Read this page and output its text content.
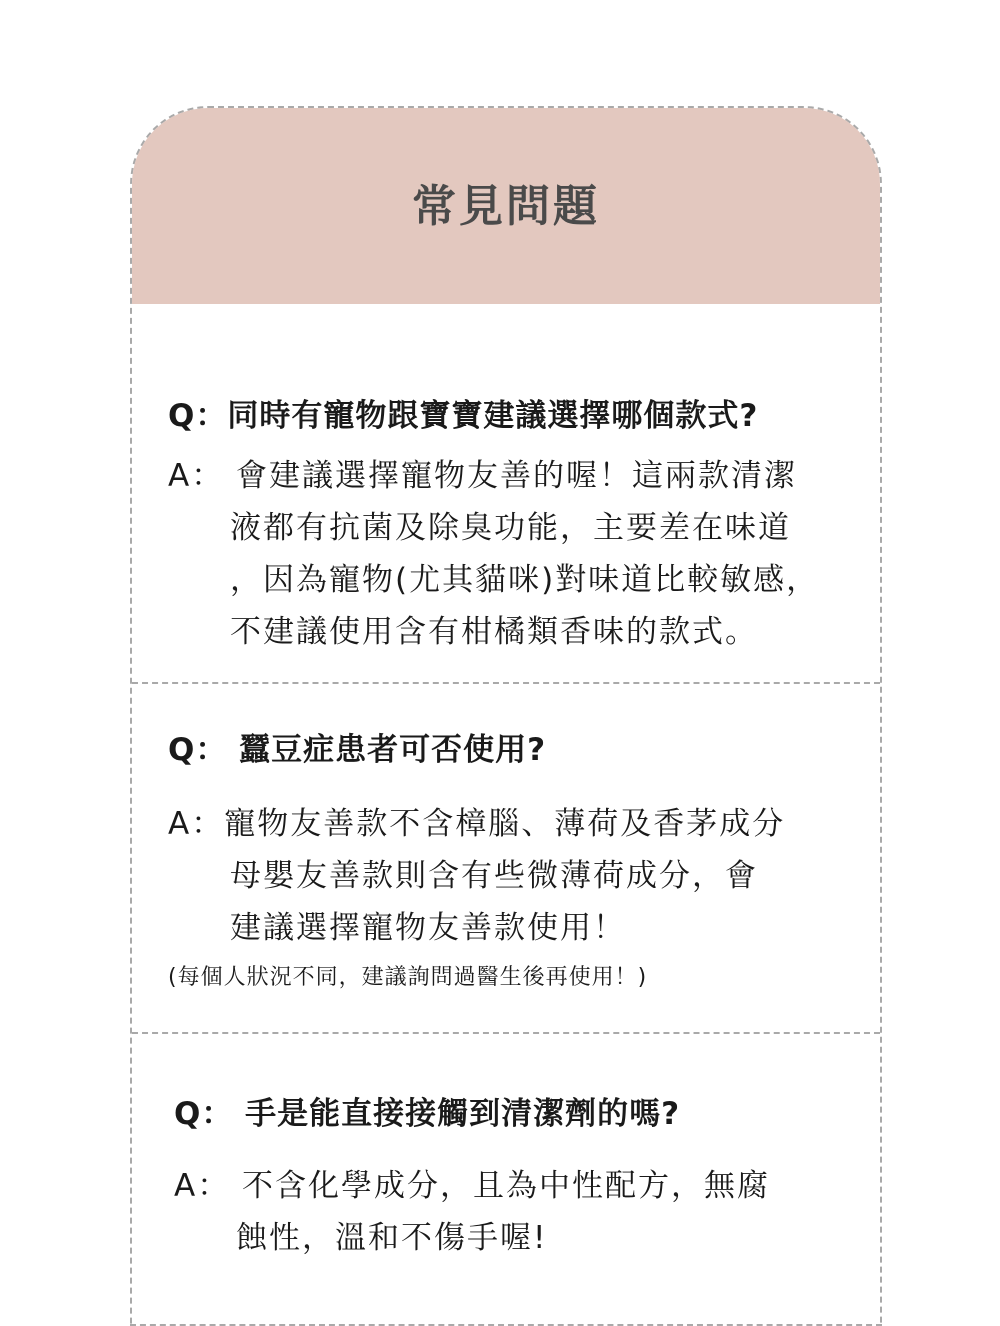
常見問題

Q：同時有寵物跟寶寶建議選擇哪個款式?

A： 會建議選擇寵物友善的喔！這兩款清潔

液都有抗菌及除臭功能，主要差在味道

，因為寵物(尤其貓咪)對味道比較敏感，

不建議使用含有柑橘類香味的款式。

Q： 蠶豆症患者可否使用?

A：寵物友善款不含樟腦、薄荷及香茅成分

母嬰友善款則含有些微薄荷成分，會

建議選擇寵物友善款使用！

(每個人狀況不同，建議詢問過醫生後再使用！)

Q： 手是能直接接觸到清潔劑的嗎?

A： 不含化學成分，且為中性配方，無腐

蝕性，溫和不傷手喔!
